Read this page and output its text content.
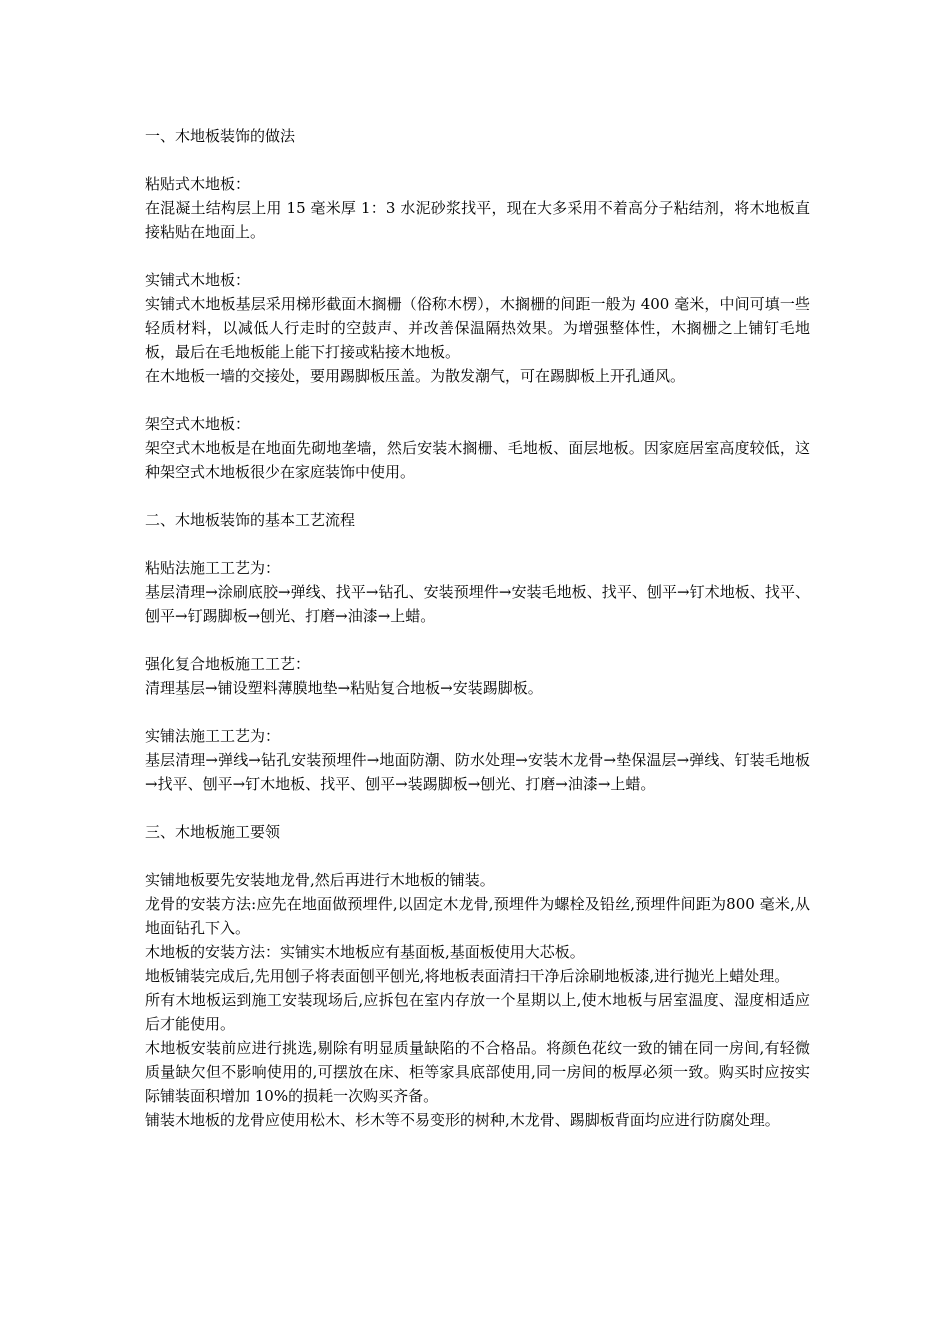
一、木地板装饰的做法

粘贴式木地板：

在混凝土结构层上用 15 毫米厚 1：3 水泥砂浆找平，现在大多采用不着高分子粘结剂，将木地板直接粘贴在地面上。

实铺式木地板：

实铺式木地板基层采用梯形截面木搁栅（俗称木楞），木搁栅的间距一般为 400 毫米，中间可填一些轻质材料，以减低人行走时的空鼓声、并改善保温隔热效果。为增强整体性，木搁栅之上铺钉毛地板，最后在毛地板能上能下打接或粘接木地板。

在木地板一墙的交接处，要用踢脚板压盖。为散发潮气，可在踢脚板上开孔通风。

架空式木地板：

架空式木地板是在地面先砌地垄墙，然后安装木搁栅、毛地板、面层地板。因家庭居室高度较低，这种架空式木地板很少在家庭装饰中使用。

二、木地板装饰的基本工艺流程

粘贴法施工工艺为：

基层清理→涂刷底胶→弹线、找平→钻孔、安装预埋件→安装毛地板、找平、刨平→钉术地板、找平、刨平→钉踢脚板→刨光、打磨→油漆→上蜡。

强化复合地板施工工艺：

清理基层→铺设塑料薄膜地垫→粘贴复合地板→安装踢脚板。

实铺法施工工艺为：

基层清理→弹线→钻孔安装预埋件→地面防潮、防水处理→安装木龙骨→垫保温层→弹线、钉装毛地板→找平、刨平→钉木地板、找平、刨平→装踢脚板→刨光、打磨→油漆→上蜡。

三、木地板施工要领

实铺地板要先安装地龙骨,然后再进行木地板的铺装。

龙骨的安装方法:应先在地面做预埋件,以固定木龙骨,预埋件为螺栓及铅丝,预埋件间距为800 毫米,从地面钻孔下入。

木地板的安装方法：实铺实木地板应有基面板,基面板使用大芯板。

地板铺装完成后,先用刨子将表面刨平刨光,将地板表面清扫干净后涂刷地板漆,进行抛光上蜡处理。

所有木地板运到施工安装现场后,应拆包在室内存放一个星期以上,使木地板与居室温度、湿度相适应后才能使用。

木地板安装前应进行挑选,剔除有明显质量缺陷的不合格品。将颜色花纹一致的铺在同一房间,有轻微质量缺欠但不影响使用的,可摆放在床、柜等家具底部使用,同一房间的板厚必须一致。购买时应按实际铺装面积增加 10%的损耗一次购买齐备。

铺装木地板的龙骨应使用松木、杉木等不易变形的树种,木龙骨、踢脚板背面均应进行防腐处理。
